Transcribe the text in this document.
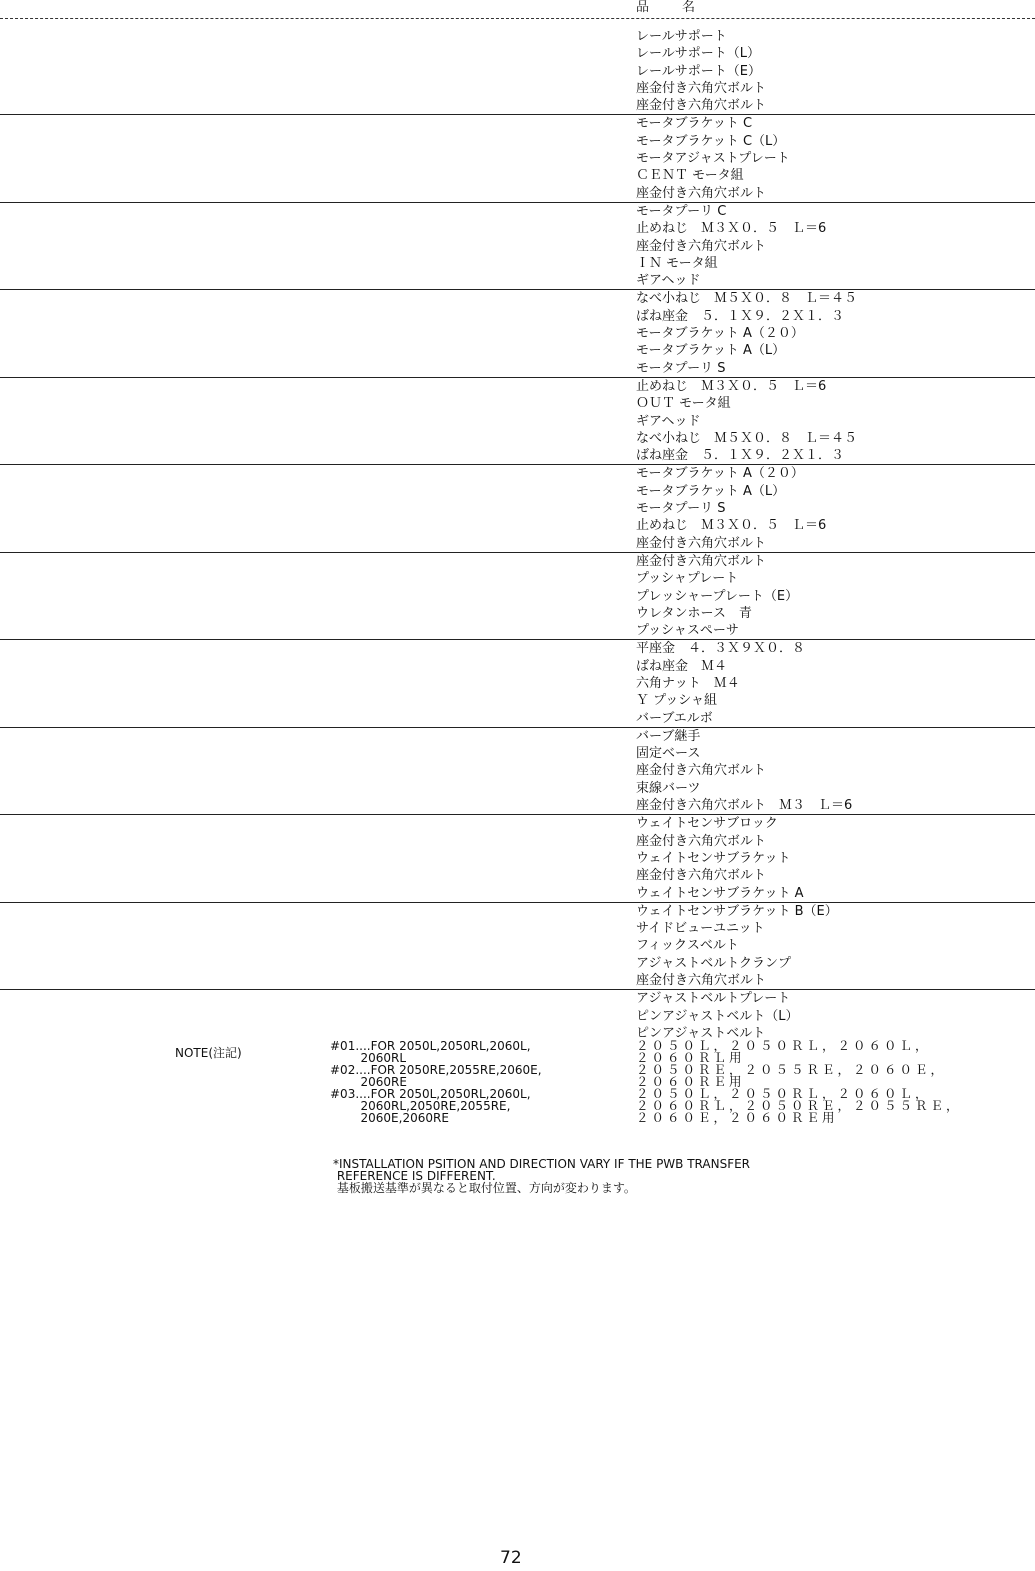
品　名
レールサポート
レールサポート（L）
レールサポート（E）
座金付き六角穴ボルト
座金付き六角穴ボルト
モータブラケット C
モータブラケット C（L）
モータアジャストプレート
ＣＥＮＴ モータ組
座金付き六角穴ボルト
モータプーリ C
止めねじ　Ｍ３Ｘ０．５　Ｌ＝6
座金付き六角穴ボルト
ＩＮ モータ組
ギアヘッド
なべ小ねじ　Ｍ５Ｘ０．８　Ｌ＝４５
ばね座金　５．１Ｘ９．２Ｘ１．３
モータブラケット A（２０）
モータブラケット A（L）
モータプーリ S
止めねじ　Ｍ３Ｘ０．５　Ｌ＝6
ＯＵＴ モータ組
ギアヘッド
なべ小ねじ　Ｍ５Ｘ０．８　Ｌ＝４５
ばね座金　５．１Ｘ９．２Ｘ１．３
モータブラケット A（２０）
モータブラケット A（L）
モータプーリ S
止めねじ　Ｍ３Ｘ０．５　Ｌ＝6
座金付き六角穴ボルト
座金付き六角穴ボルト
プッシャプレート
プレッシャープレート（E）
ウレタンホース　青
プッシャスペーサ
平座金　４．３Ｘ９Ｘ０．８
ばね座金　Ｍ４
六角ナット　Ｍ４
Ｙ プッシャ組
バーブエルボ
バーブ継手
固定ベース
座金付き六角穴ボルト
束線バーツ
座金付き六角穴ボルト　Ｍ３　Ｌ＝6
ウェイトセンサブロック
座金付き六角穴ボルト
ウェイトセンサブラケット
座金付き六角穴ボルト
ウェイトセンサブラケット A
ウェイトセンサブラケット B（E）
サイドビューユニット
フィックスベルト
アジャストベルトクランプ
座金付き六角穴ボルト
アジャストベルトプレート
ピンアジャストベルト（L）
ピンアジャストベルト
NOTE(注記)	#01....FOR 2050L,2050RL,2060L,
2060RL
２０５０Ｌ，２０５０ＲＬ，２０６０Ｌ，
２０６０ＲＬ用
#02....FOR 2050RE,2055RE,2060E,
2060RE
２０５０ＲＥ，２０５５ＲＥ，２０６０Ｅ，
２０６０ＲＥ用
#03....FOR 2050L,2050RL,2060L,
2060RL,2050RE,2055RE,
2060E,2060RE
２０５０Ｌ，２０５０ＲＬ，２０６０Ｌ，
２０６０ＲＬ，２０５０ＲＥ，２０５５ＲＥ，
２０６０Ｅ，２０６０ＲＥ用
*INSTALLATION PSITION AND DIRECTION VARY IF THE PWB TRANSFER
REFERENCE IS DIFFERENT.
基板搬送基準が異なると取付位置、方向が変わります。
72
